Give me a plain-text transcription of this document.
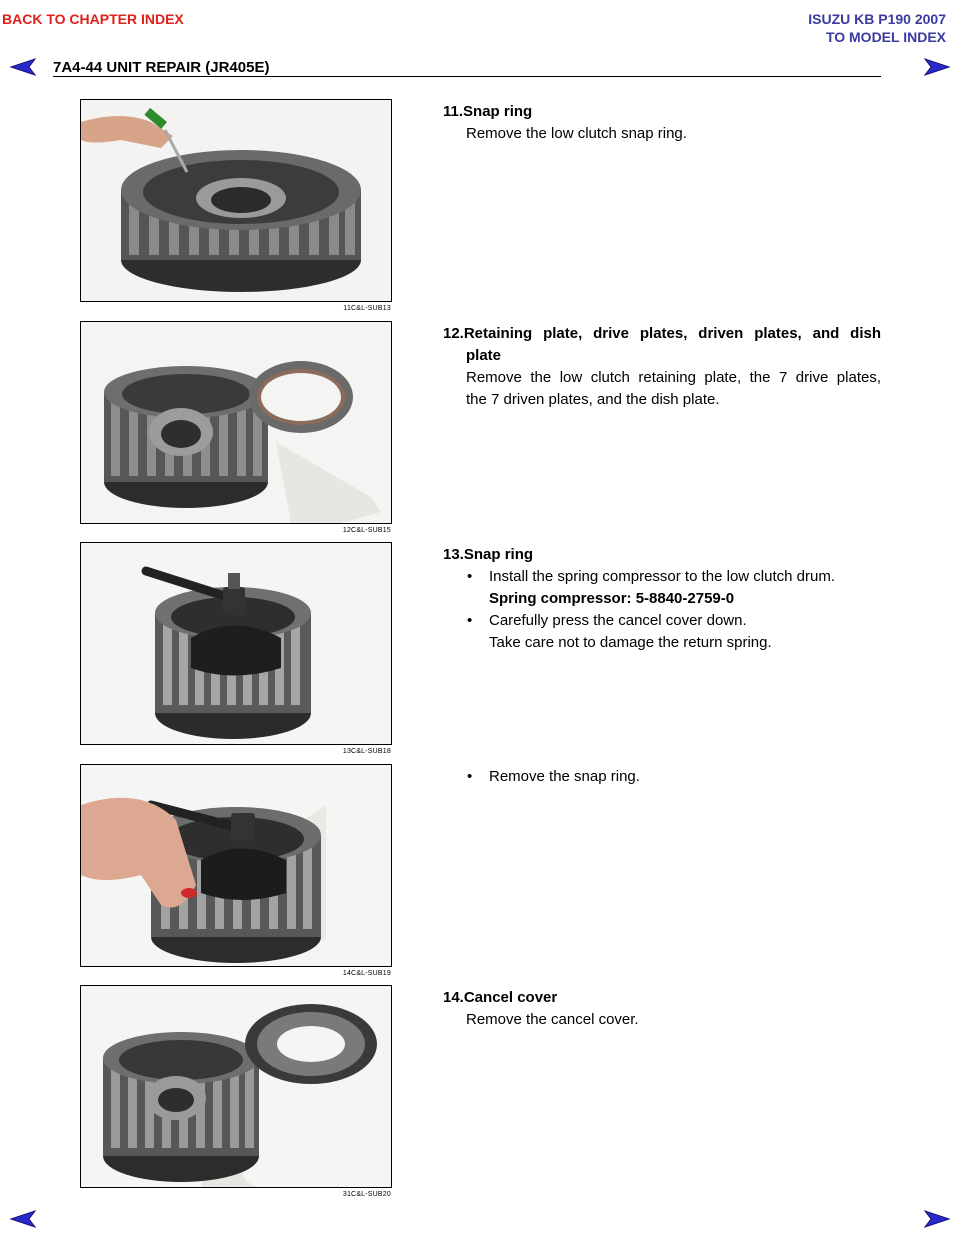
BACK TO CHAPTER INDEX	ISUZU KB P190 2007
TO MODEL INDEX
7A4-44 UNIT REPAIR (JR405E)
11C&L-SUB13
11.Snap ring
Remove the low clutch snap ring.
12C&L-SUB15
12.Retaining plate, drive plates, driven plates, and dish
plate
Remove the low clutch retaining plate, the 7 drive plates,
the 7 driven plates, and the dish plate.
13C&L-SUB18
13.Snap ring
• Install the spring compressor to the low clutch drum.
Spring compressor: 5-8840-2759-0
• Carefully press the cancel cover down.
Take care not to damage the return spring.
14C&L-SUB19
• Remove the snap ring.
31C&L-SUB20
14.Cancel cover
Remove the cancel cover.
